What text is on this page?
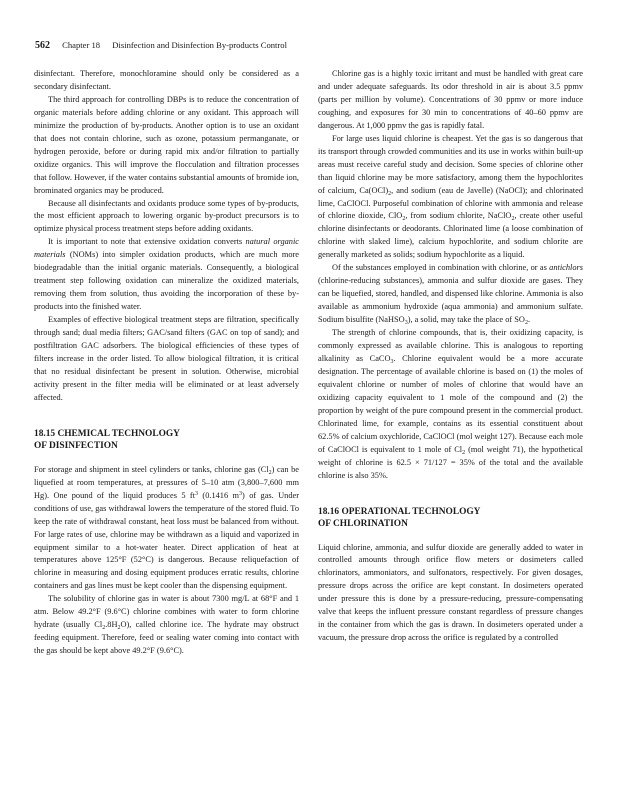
562 Chapter 18 Disinfection and Disinfection By-products Control

disinfectant. Therefore, monochloramine should only be considered as a secondary disinfectant.

The third approach for controlling DBPs is to reduce the concentration of organic materials before adding chlorine or any oxidant. This approach will minimize the production of by-products. Another option is to use an oxidant that does not contain chlorine, such as ozone, potassium permanganate, or hydrogen peroxide, before or during rapid mix and/or filtration to partially oxidize organics. This will improve the flocculation and filtration processes that follow. However, if the water contains substantial amounts of bromide ion, brominated organics may be produced.

Because all disinfectants and oxidants produce some types of by-products, the most efficient approach to lowering organic by-product precursors is to optimize physical process treatment steps before adding oxidants.

It is important to note that extensive oxidation converts natural organic materials (NOMs) into simpler oxidation products, which are much more biodegradable than the initial organic materials. Consequently, a biological treatment step following oxidation can mineralize the oxidized materials, removing them from solution, thus avoiding the incorporation of these by-products into the finished water.

Examples of effective biological treatment steps are filtration, specifically through sand; dual media filters; GAC/sand filters (GAC on top of sand); and postfiltration GAC adsorbers. The biological efficiencies of these types of filters increase in the order listed. To allow biological filtration, it is critical that no residual disinfectant be present in solution. Otherwise, microbial activity present in the filter media will be eliminated or at least adversely affected.

18.15 CHEMICAL TECHNOLOGY
OF DISINFECTION

For storage and shipment in steel cylinders or tanks, chlorine gas $(Cl_2)$ can be liquefied at room temperatures, at pressures of 5–10 atm (3,800–7,600 mm Hg). One pound of the liquid produces 5 $ft^3$ (0.1416 $m^3$) of gas. Under conditions of use, gas withdrawal lowers the temperature of the stored fluid. To keep the rate of withdrawal constant, heat loss must be balanced from without. For large rates of use, chlorine may be withdrawn as a liquid and vaporized in equipment similar to a hot-water heater. Direct application of heat at temperatures above 125°F (52°C) is dangerous. Because reliquefaction of chlorine in measuring and dosing equipment produces erratic results, chlorine containers and gas lines must be kept cooler than the dispensing equipment.

The solubility of chlorine gas in water is about 7300 mg/L at 68°F and 1 atm. Below 49.2°F (9.6°C) chlorine combines with water to form chlorine hydrate (usually $Cl_2.8H_2O$), called chlorine ice. The hydrate may obstruct feeding equipment. Therefore, feed or sealing water coming into contact with the gas should be kept above 49.2°F (9.6°C).

Chlorine gas is a highly toxic irritant and must be handled with great care and under adequate safeguards. Its odor threshold in air is about 3.5 ppmv (parts per million by volume). Concentrations of 30 ppmv or more induce coughing, and exposures for 30 min to concentrations of 40–60 ppmv are dangerous. At 1,000 ppmv the gas is rapidly fatal.

For large uses liquid chlorine is cheapest. Yet the gas is so dangerous that its transport through crowded communities and its use in works within built-up areas must receive careful study and decision. Some species of chlorine other than liquid chlorine may be more satisfactory, among them the hypochlorites of calcium, $Ca(OCl)_2$, and sodium (eau de Javelle) (NaOCl); and chlorinated lime, CaClOCl. Purposeful combination of chlorine with ammonia and release of chlorine dioxide, ClO$_2$, from sodium chlorite, NaClO$_2$, create other useful chlorine disinfectants or deodorants. Chlorinated lime (a loose combination of chlorine with slaked lime), calcium hypochlorite, and sodium chlorite are generally marketed as solids; sodium hypochlorite as a liquid.

Of the substances employed in combination with chlorine, or as antichlors (chlorine-reducing substances), ammonia and sulfur dioxide are gases. They can be liquefied, stored, handled, and dispensed like chlorine. Ammonia is also available as ammonium hydroxide (aqua ammonia) and ammonium sulfate. Sodium bisulfite (NaHSO$_3$), a solid, may take the place of $SO_2$.

The strength of chlorine compounds, that is, their oxidizing capacity, is commonly expressed as available chlorine. This is analogous to reporting alkalinity as CaCO$_3$. Chlorine equivalent would be a more accurate designation. The percentage of available chlorine is based on (1) the moles of equivalent chlorine or number of moles of chlorine that would have an oxidizing capacity equivalent to 1 mole of the compound and (2) the proportion by weight of the pure compound present in the commercial product. Chlorinated lime, for example, contains as its essential constituent about 62.5% of calcium oxychloride, CaClOCl (mol weight 127). Because each mole of CaClOCl is equivalent to 1 mole of $Cl_2$ (mol weight 71), the hypothetical weight of chlorine is 62.5 × 71/127 = 35% of the total and the available chlorine is also 35%.

18.16 OPERATIONAL TECHNOLOGY
OF CHLORINATION

Liquid chlorine, ammonia, and sulfur dioxide are generally added to water in controlled amounts through orifice flow meters or dosimeters called chlorinators, ammoniators, and sulfonators, respectively. For given dosages, pressure drops across the orifice are kept constant. In dosimeters operated under pressure this is done by a pressure-reducing, pressure-compensating valve that keeps the influent pressure constant regardless of pressure changes in the container from which the gas is drawn. In dosimeters operated under a vacuum, the pressure drop across the orifice is regulated by a controlled
